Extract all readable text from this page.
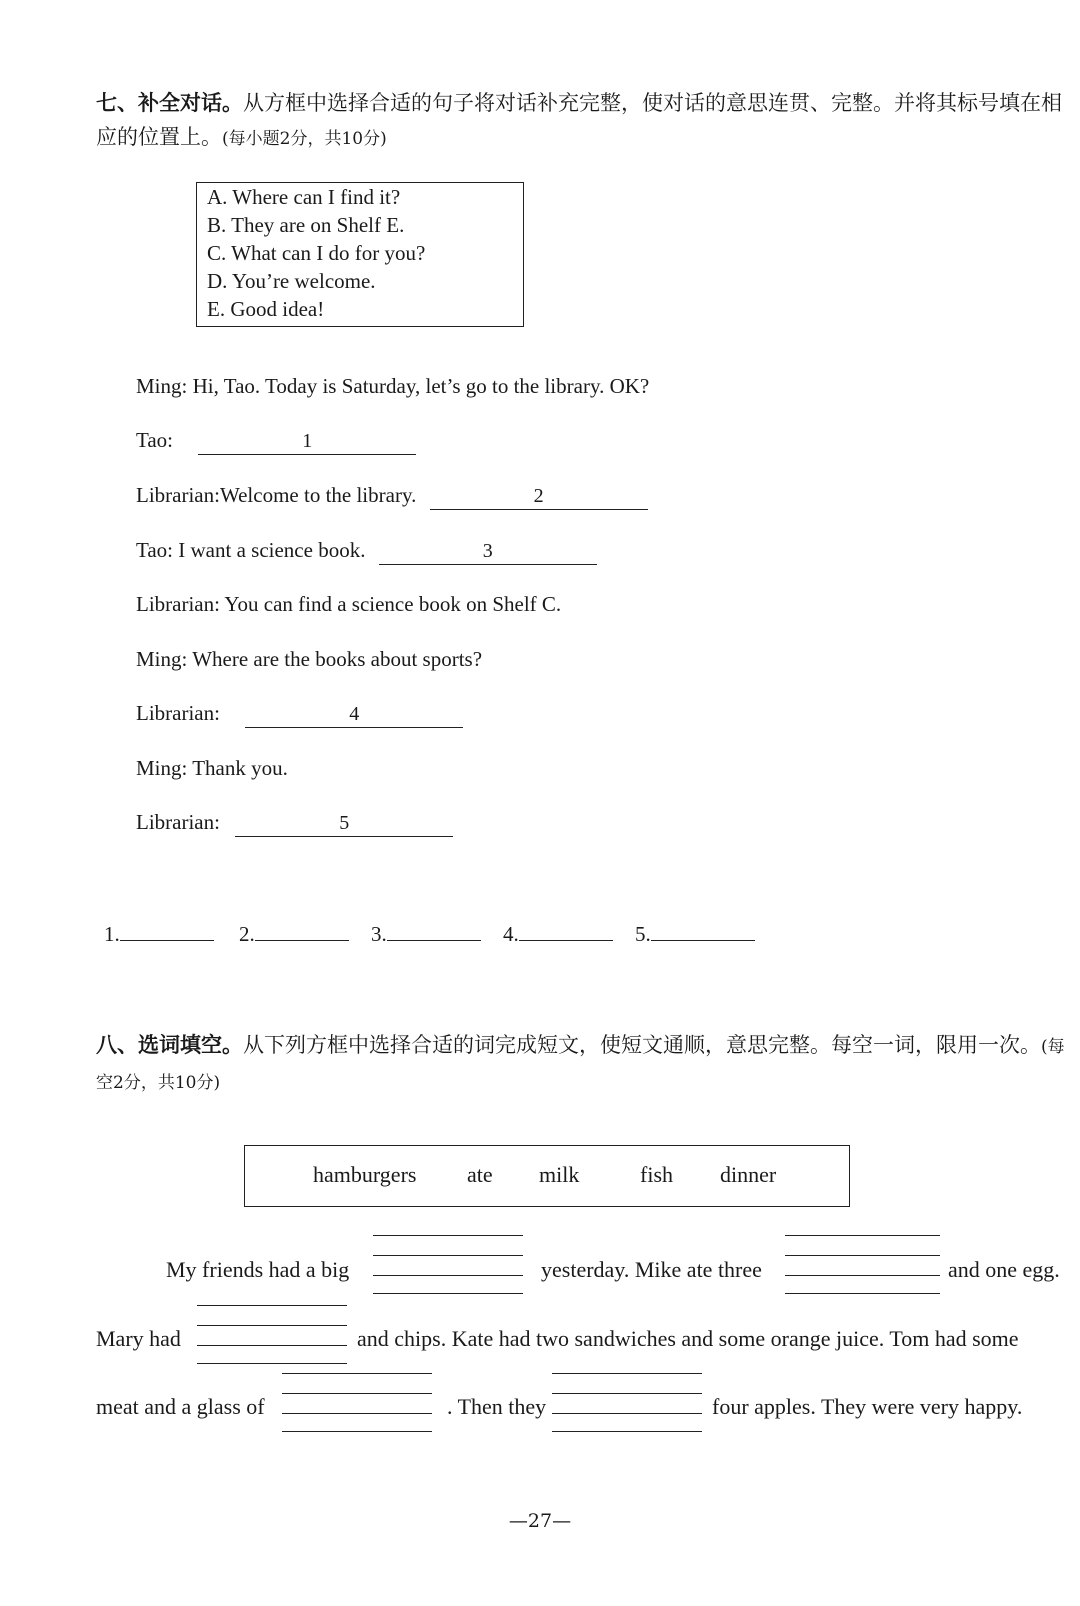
七、补全对话。从方框中选择合适的句子将对话补充完整，使对话的意思连贯、完整。并将其标号填在相应的位置上。(每小题2分，共10分)
A. Where can I find it?
B. They are on Shelf E.
C. What can I do for you?
D. You’re welcome.
E. Good idea!
Ming: Hi, Tao. Today is Saturday, let’s go to the library. OK?
Tao:	1
Librarian:Welcome to the library.	2
Tao: I want a science book.	3
Librarian: You can find a science book on Shelf C.
Ming: Where are the books about sports?
Librarian:	4
Ming: Thank you.
Librarian:	5
1.	2.	3.	4.	5.
八、选词填空。从下列方框中选择合适的词完成短文，使短文通顺，意思完整。每空一词，限用一次。(每空2分，共10分)
hamburgers ate milk	fish dinner
My friends had a big	yesterday. Mike ate three	and one egg.
Mary had	and chips. Kate had two sandwiches and some orange juice. Tom had some
meat and a glass of	. Then they	four apples. They were very happy.
—27—
